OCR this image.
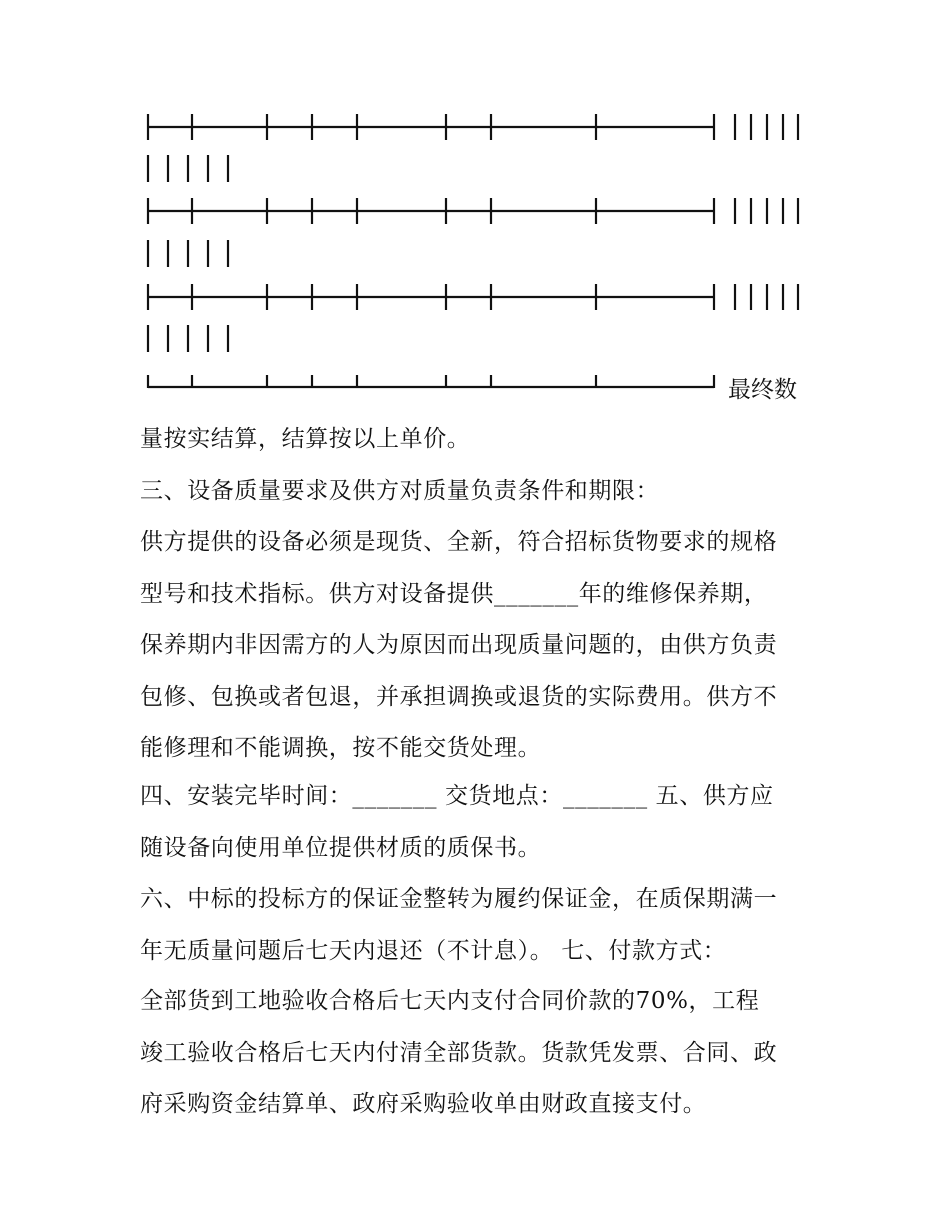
最终数
量按实结算，结算按以上单价。
三、设备质量要求及供方对质量负责条件和期限：
供方提供的设备必须是现货、全新，符合招标货物要求的规格
型号和技术指标。供方对设备提供_______年的维修保养期，
保养期内非因需方的人为原因而出现质量问题的，由供方负责
包修、包换或者包退，并承担调换或退货的实际费用。供方不
能修理和不能调换，按不能交货处理。
四、安装完毕时间：_______ 交货地点：_______ 五、供方应
随设备向使用单位提供材质的质保书。
六、中标的投标方的保证金整转为履约保证金，在质保期满一
年无质量问题后七天内退还（不计息）。 七、付款方式：
全部货到工地验收合格后七天内支付合同价款的70%，工程
竣工验收合格后七天内付清全部货款。货款凭发票、合同、政
府采购资金结算单、政府采购验收单由财政直接支付。
